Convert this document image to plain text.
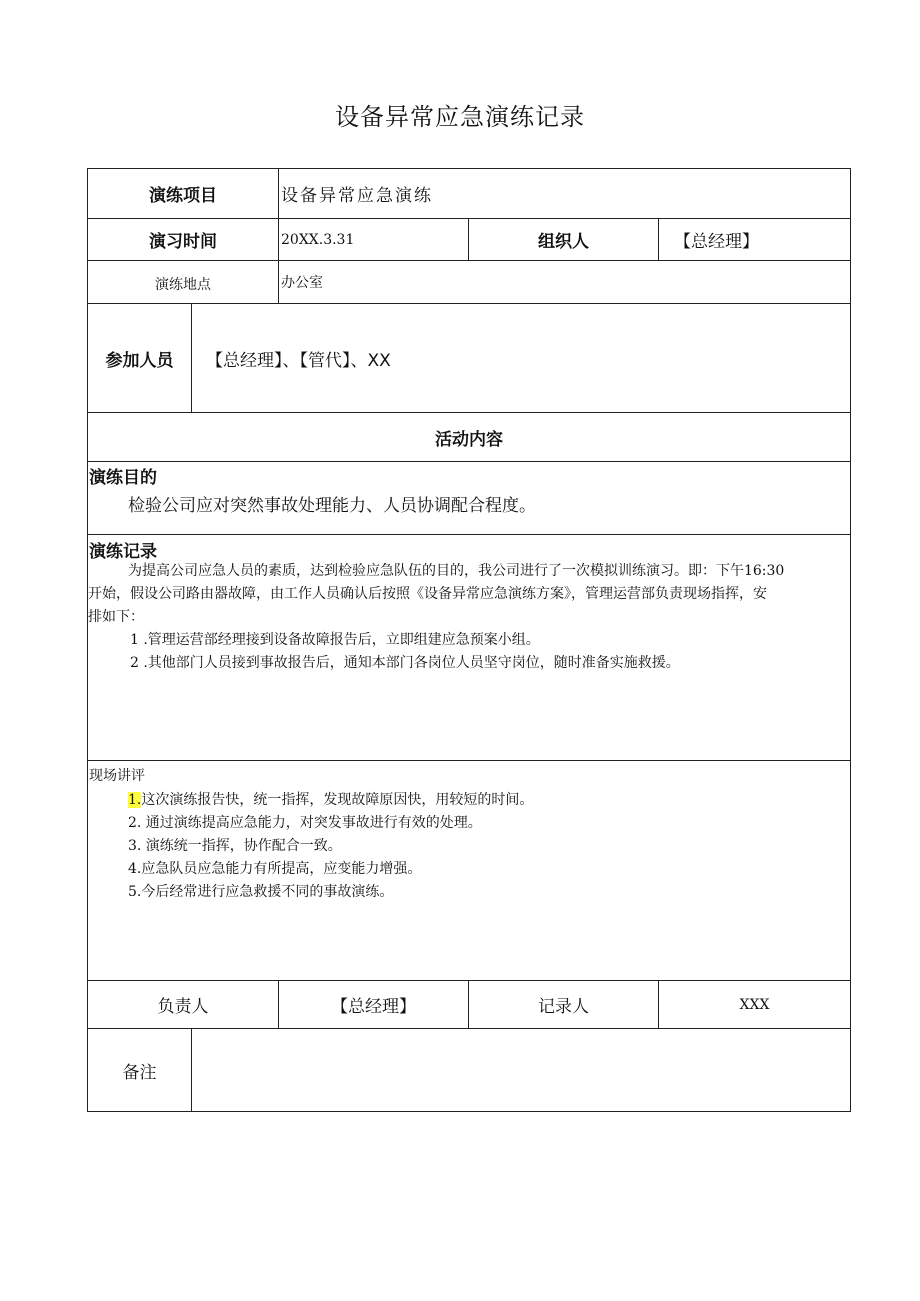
设备异常应急演练记录
演练项目	设备异常应急演练
演习时间	20XX.3.31	组织人	【总经理】
演练地点	办公室
参加人员	【总经理】、【管代】、XX
活动内容
演练目的
检验公司应对突然事故处理能力、人员协调配合程度。
演练记录
为提高公司应急人员的素质，达到检验应急队伍的目的，我公司进行了一次模拟训练演习。即：下午16:30
开始，假设公司路由器故障，由工作人员确认后按照《设备异常应急演练方案》，管理运营部负责现场指挥，安
排如下：
1 .管理运营部经理接到设备故障报告后，立即组建应急预案小组。
2 .其他部门人员接到事故报告后，通知本部门各岗位人员坚守岗位，随时准备实施救援。
现场讲评
1.这次演练报告快，统一指挥，发现故障原因快，用较短的时间。
2. 通过演练提高应急能力，对突发事故进行有效的处理。
3. 演练统一指挥，协作配合一致。
4.应急队员应急能力有所提高，应变能力增强。
5.今后经常进行应急救援不同的事故演练。
负责人	【总经理】	记录人	XXX
备注
